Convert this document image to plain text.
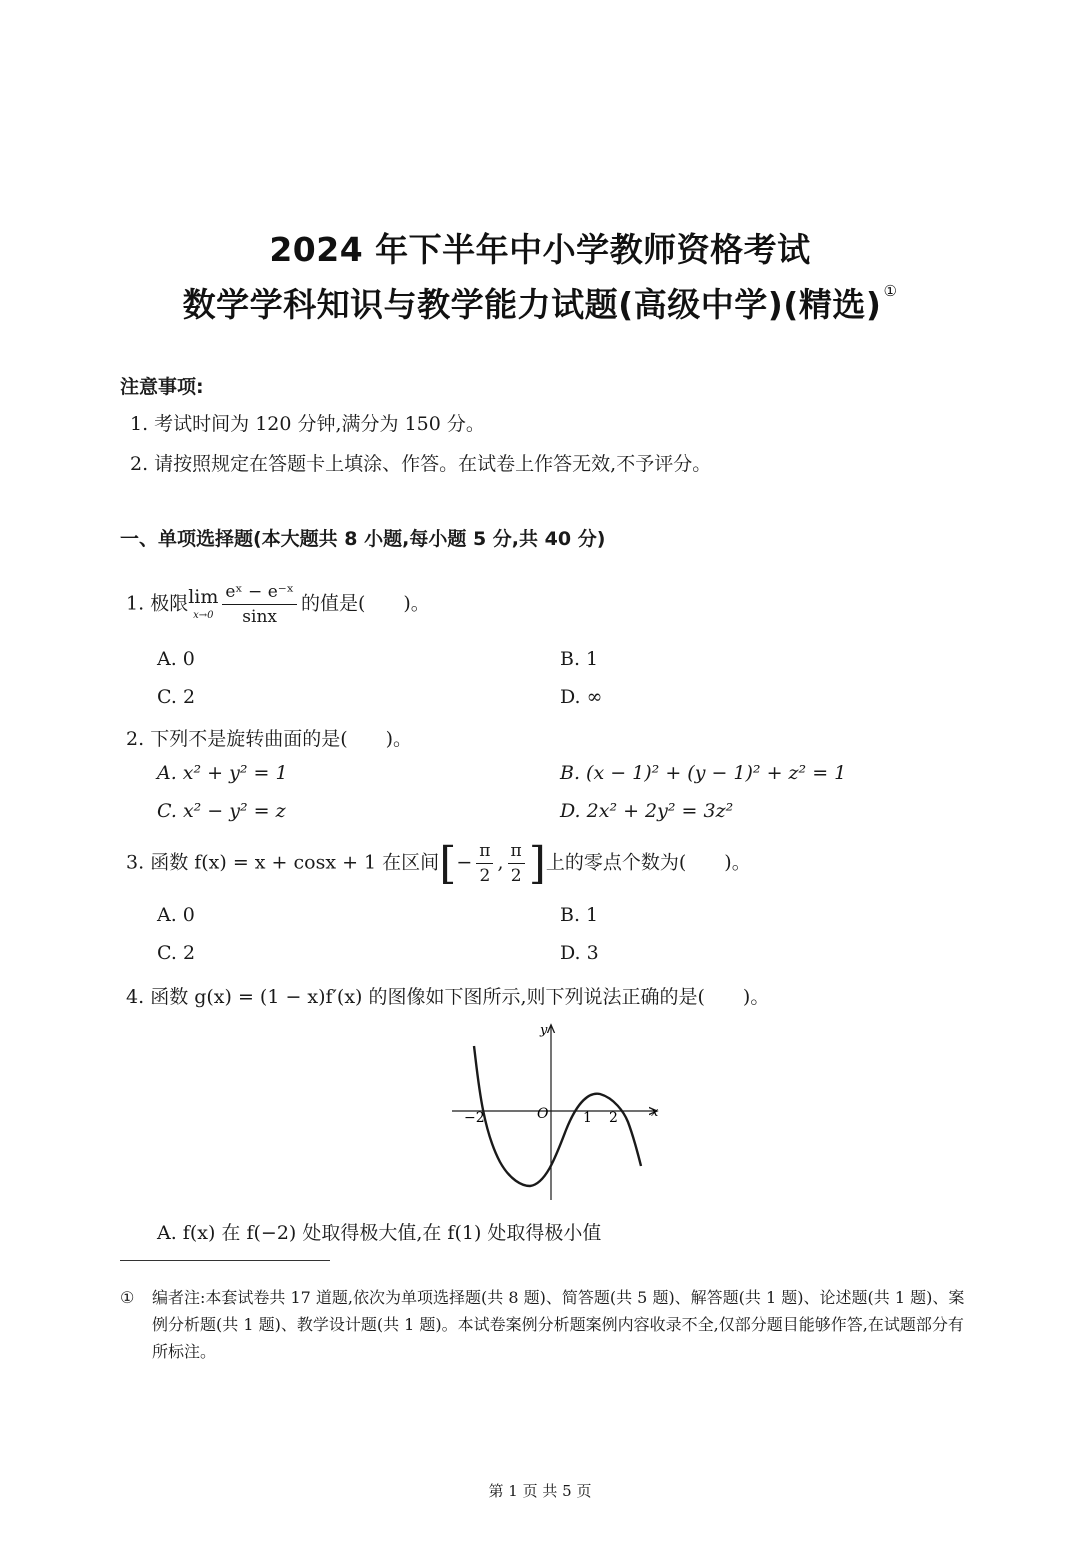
2024 年下半年中小学教师资格考试
数学学科知识与教学能力试题(高级中学)(精选) ①
注意事项:
1. 考试时间为 120 分钟,满分为 150 分。
2. 请按照规定在答题卡上填涂、作答。在试卷上作答无效,不予评分。
一、单项选择题(本大题共 8 小题,每小题 5 分,共 40 分)
1. 极限lim
$x\to 0 \frac{\text{eˣ − e⁻ˣ}}{\sin x}$ 的值是(　　)。
A. 0	B. 1
C. 2	D. ∞
2. 下列不是旋转曲面的是(　　)。
A. x² + y² = 1	B. (x − 1)² + (y − 1)² + z² = 1
C. x² − y² = z	D. 2x² + 2y² = 3z²
3. 函数 f(x) = x + cosx + 1 在区间[− $\frac{\pi}{2}$ , $\frac{\pi}{2}$ ]上的零点个数为(　　)。
A. 0	B. 1
C. 2	D. 3
4. 函数 g(x) = (1 − x)f′(x) 的图像如下图所示,则下列说法正确的是(　　)。
y
x
O
−2	1 2
A. f(x) 在 f(−2) 处取得极大值,在 f(1) 处取得极小值
① 编者注:本套试卷共 17 道题,依次为单项选择题(共 8 题)、简答题(共 5 题)、解答题(共 1 题)、论述题(共 1 题)、案例分析题(共 1 题)、教学设计题(共 1 题)。本试卷案例分析题案例内容收录不全,仅部分题目能够作答,在试题部分有所标注。
第 1 页 共 5 页
